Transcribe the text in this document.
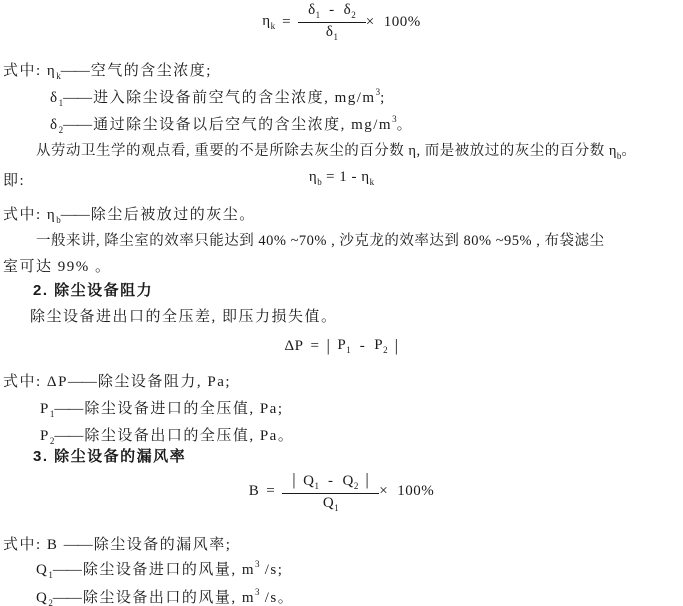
$\eta_k = \frac{\delta_1 - \delta_2}{\delta_1} \times 100\%$
式中: $\eta_k——$ 空气的含尘浓度;
$\delta_1——$ 进入除尘设备前空气的含尘浓度, $mg/m^3$;
$\delta_2——$ 通过除尘设备以后空气的含尘浓度, $mg/m^3$。
从劳动卫生学的观点看, 重要的不是所除去灰尘的百分数 η, 而是被放过的灰尘的百分数 $\eta_b$。
即:	$\eta_b = 1 - \eta_k$
式中: $\eta_b——$ 除尘后被放过的灰尘。
一般来讲, 降尘室的效率只能达到 40% ~70% , 沙克龙的效率达到 80% ~95% , 布袋滤尘
室可达 99% 。
2. 除尘设备阻力
除尘设备进出口的全压差, 即压力损失值。
ΔP = | $P_1 - P_2$ |
式中: ΔP—— 除尘设备阻力, Pa;
$P_1——$ 除尘设备进口的全压值, Pa;
$P_2——$ 除尘设备出口的全压值, Pa。
3. 除尘设备的漏风率
$B = \frac{| Q_1 - Q_2 |}{Q_1} \times 100\%$
式中: B —— 除尘设备的漏风率;
$Q_1——$ 除尘设备进口的风量, $m^3$ /s;
$Q_2——$ 除尘设备出口的风量, $m^3$ /s。
